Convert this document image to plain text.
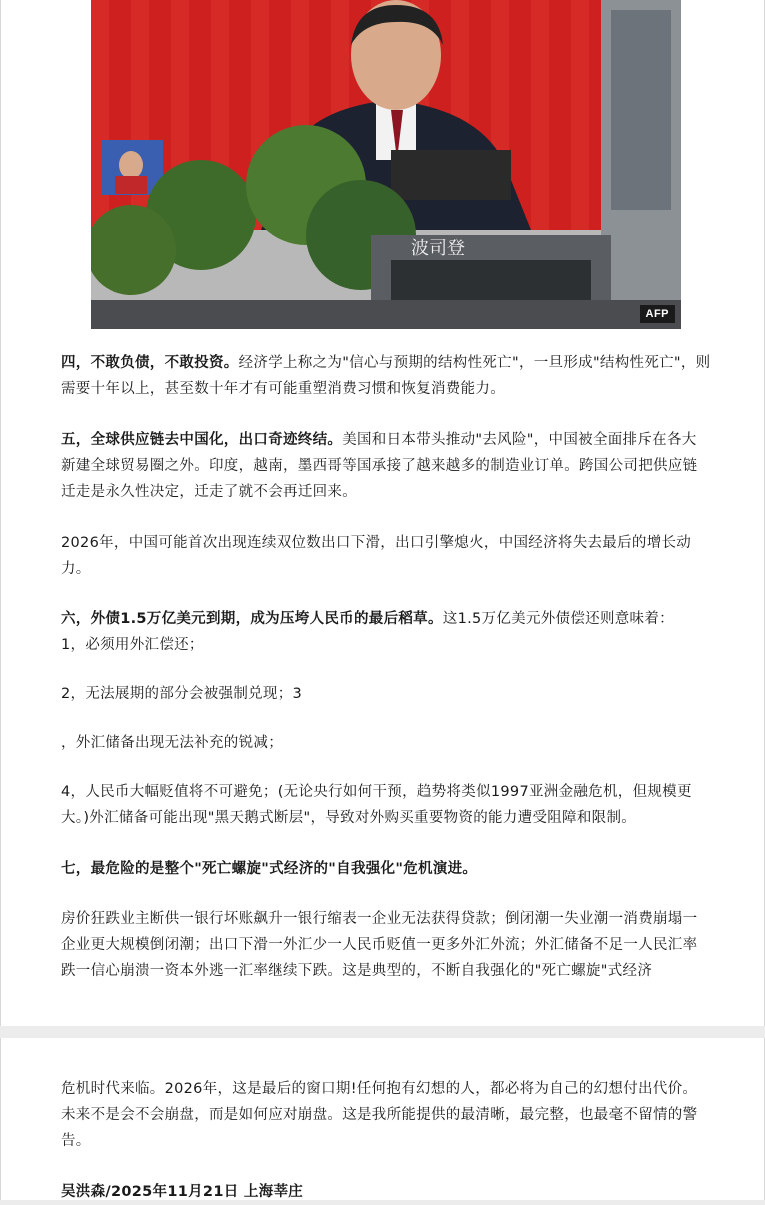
波司登
AFP

四，不敢负债，不敢投资。经济学上称之为"信心与预期的结构性死亡"，一旦形成"结构性死亡"，则需要十年以上，甚至数十年才有可能重塑消费习惯和恢复消费能力。

五，全球供应链去中国化，出口奇迹终结。美国和日本带头推动"去风险"，中国被全面排斥在各大新建全球贸易圈之外。印度，越南，墨西哥等国承接了越来越多的制造业订单。跨国公司把供应链迁走是永久性决定，迁走了就不会再迁回来。

2026年，中国可能首次出现连续双位数出口下滑，出口引擎熄火，中国经济将失去最后的增长动力。

六，外债1.5万亿美元到期，成为压垮人民币的最后稻草。这1.5万亿美元外债偿还则意味着：

1，必须用外汇偿还；

2，无法展期的部分会被强制兑现；3

，外汇储备出现无法补充的锐减；

4，人民币大幅贬值将不可避免；(无论央行如何干预，趋势将类似1997亚洲金融危机，但规模更大。)外汇储备可能出现"黑天鹅式断层"，导致对外购买重要物资的能力遭受阻障和限制。

七，最危险的是整个"死亡螺旋"式经济的"自我强化"危机演进。

房价狂跌业主断供一银行坏账飙升一银行缩表一企业无法获得贷款；倒闭潮一失业潮一消费崩塌一企业更大规模倒闭潮；出口下滑一外汇少一人民币贬值一更多外汇外流；外汇储备不足一人民汇率跌一信心崩溃一资本外逃一汇率继续下跌。这是典型的，不断自我强化的"死亡螺旋"式经济

危机时代来临。2026年，这是最后的窗口期!任何抱有幻想的人，都必将为自己的幻想付出代价。未来不是会不会崩盘，而是如何应对崩盘。这是我所能提供的最清晰，最完整，也最毫不留情的警告。

吴洪森/2025年11月21日 上海莘庄
